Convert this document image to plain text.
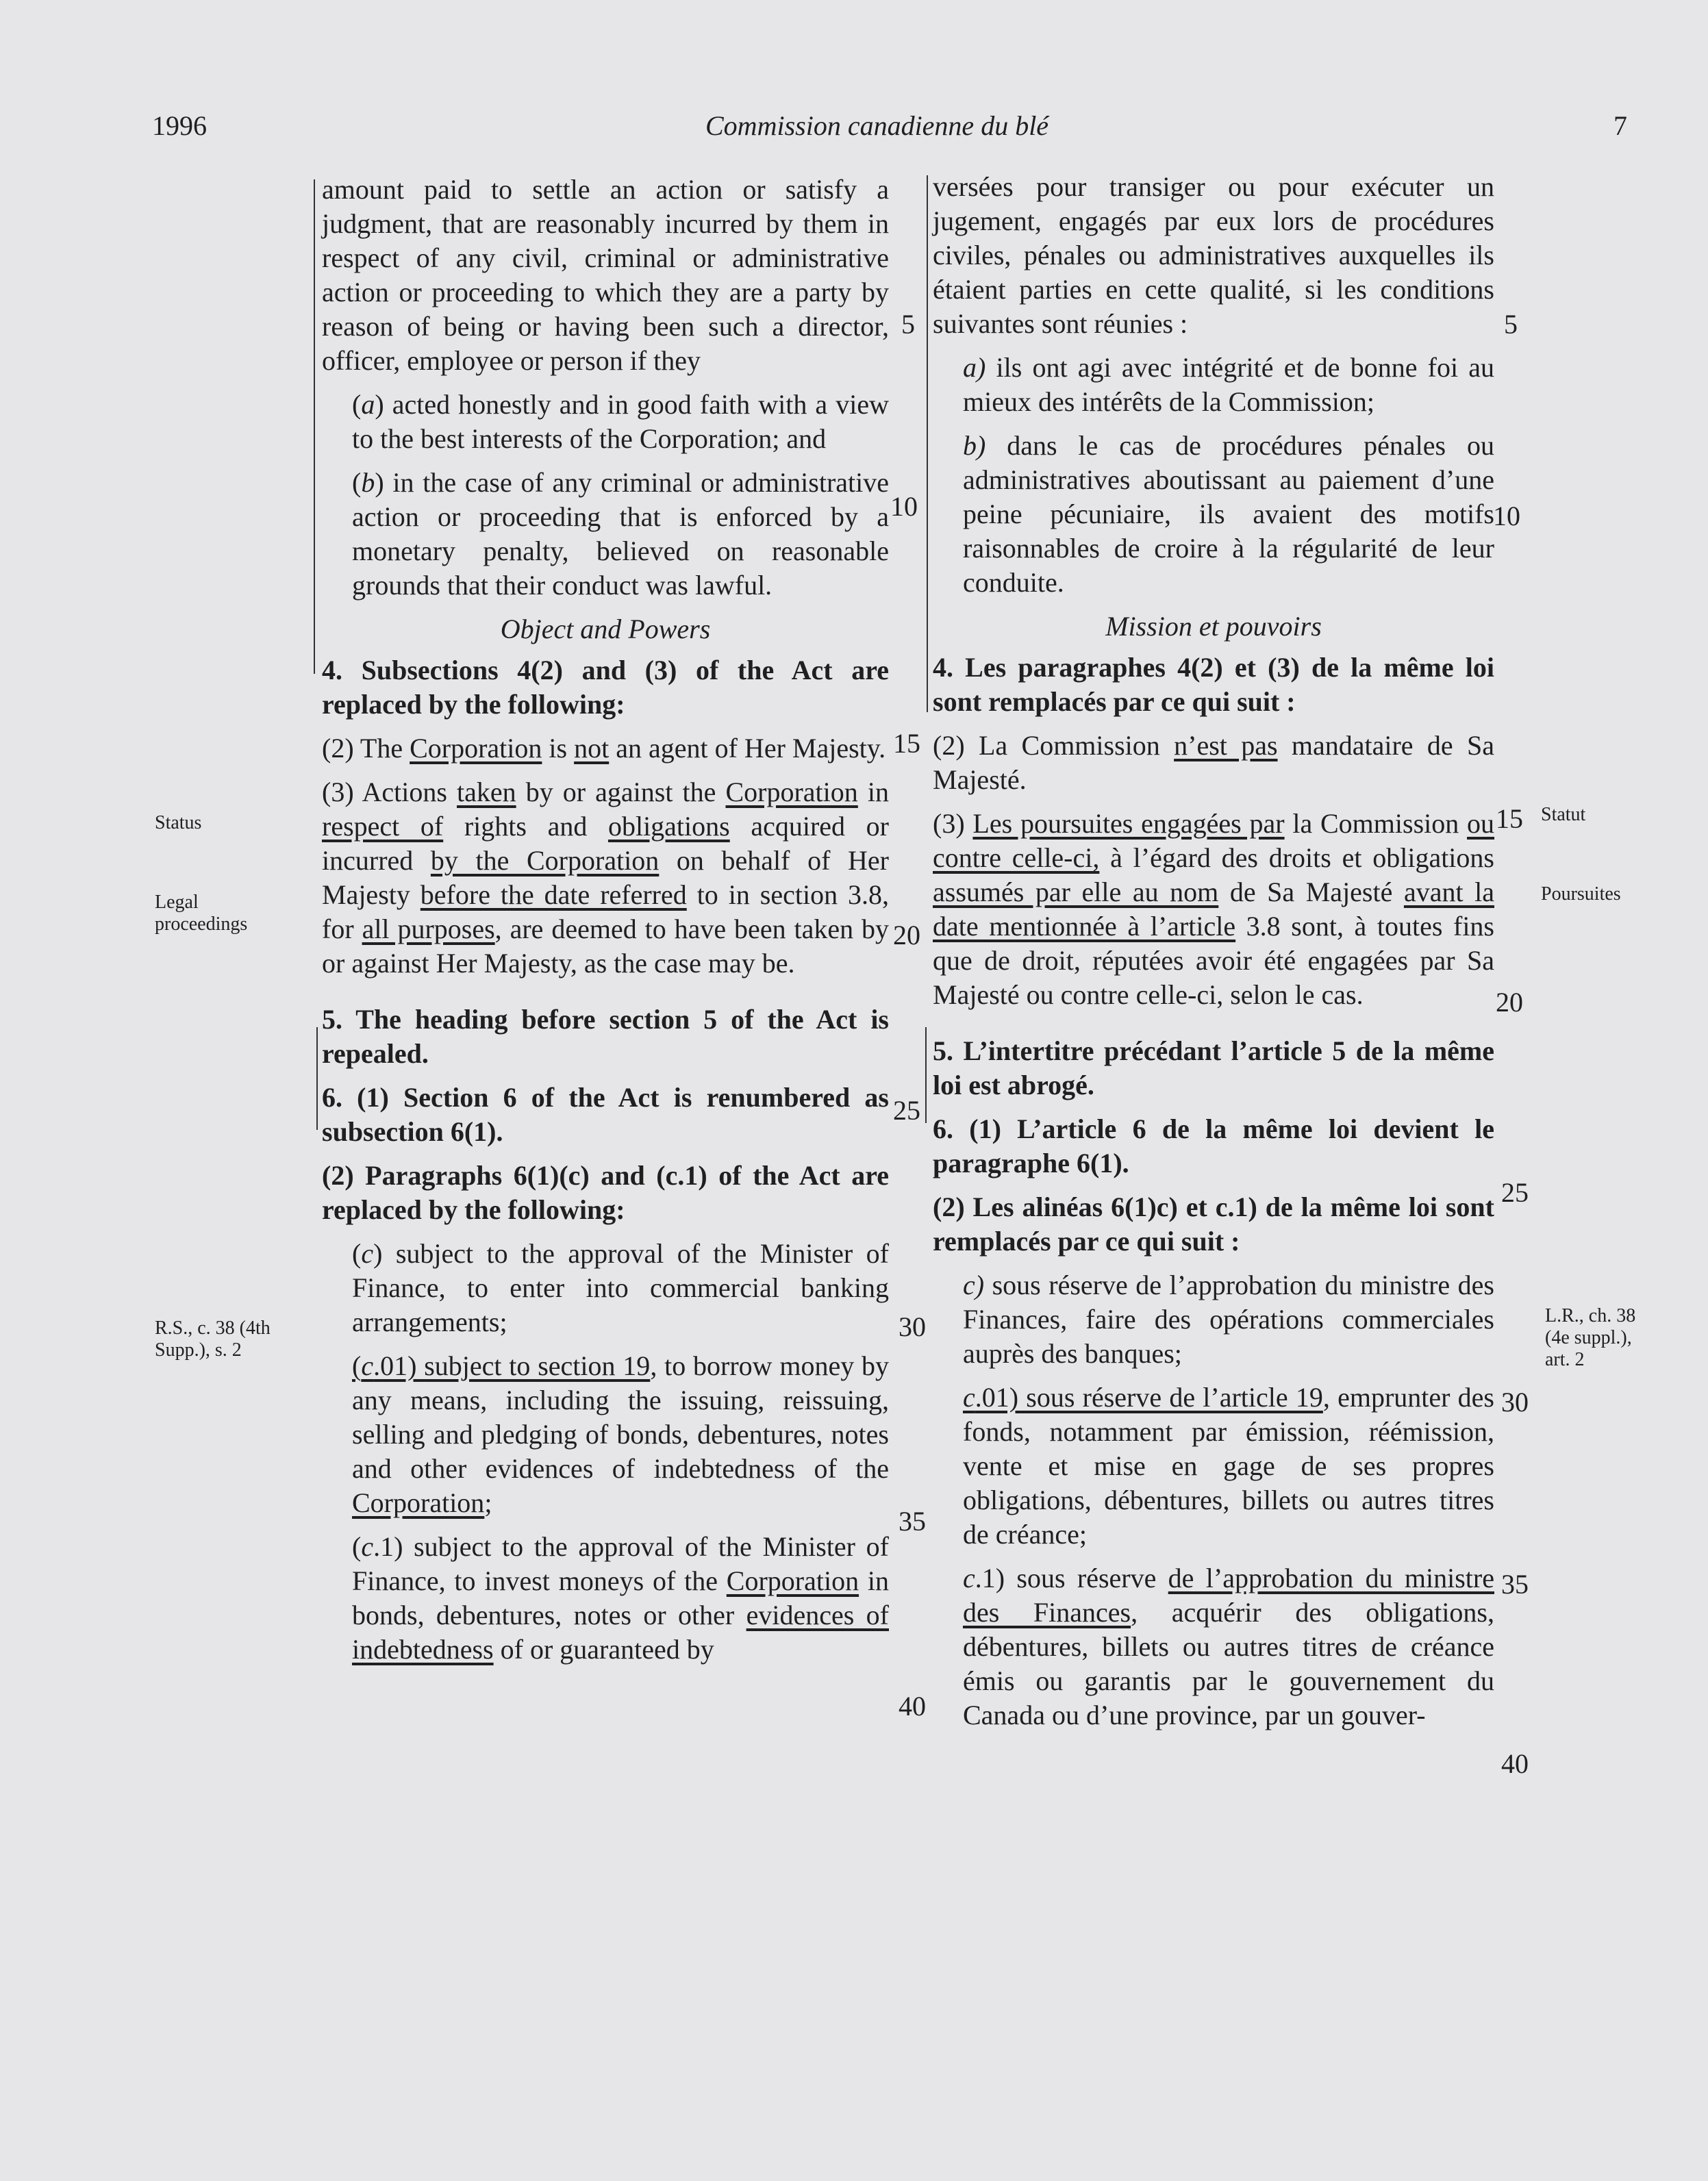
1996	Commission canadienne du blé	7

amount paid to settle an action or satisfy a judgment, that are reasonably incurred by them in respect of any civil, criminal or administrative action or proceeding to which they are a party by reason of being or having been such a director, officer, employee or person if they

(a) acted honestly and in good faith with a view to the best interests of the Corporation; and

(b) in the case of any criminal or administrative action or proceeding that is enforced by a monetary penalty, believed on reasonable grounds that their conduct was lawful.

Object and Powers

4. Subsections 4(2) and (3) of the Act are replaced by the following:

(2) The Corporation is not an agent of Her Majesty.

(3) Actions taken by or against the Corporation in respect of rights and obligations acquired or incurred by the Corporation on behalf of Her Majesty before the date referred to in section 3.8, for all purposes, are deemed to have been taken by or against Her Majesty, as the case may be.

5. The heading before section 5 of the Act is repealed.

6. (1) Section 6 of the Act is renumbered as subsection 6(1).

(2) Paragraphs 6(1)(c) and (c.1) of the Act are replaced by the following:

(c) subject to the approval of the Minister of Finance, to enter into commercial banking arrangements;

(c.01) subject to section 19, to borrow money by any means, including the issuing, reissuing, selling and pledging of bonds, debentures, notes and other evidences of indebtedness of the Corporation;

(c.1) subject to the approval of the Minister of Finance, to invest moneys of the Corporation in bonds, debentures, notes or other evidences of indebtedness of or guaranteed by

versées pour transiger ou pour exécuter un jugement, engagés par eux lors de procédures civiles, pénales ou administratives auxquelles ils étaient parties en cette qualité, si les conditions suivantes sont réunies :

a) ils ont agi avec intégrité et de bonne foi au mieux des intérêts de la Commission;

b) dans le cas de procédures pénales ou administratives aboutissant au paiement d’une peine pécuniaire, ils avaient des motifs raisonnables de croire à la régularité de leur conduite.

Mission et pouvoirs

4. Les paragraphes 4(2) et (3) de la même loi sont remplacés par ce qui suit :

(2) La Commission n’est pas mandataire de Sa Majesté.

(3) Les poursuites engagées par la Commission ou contre celle-ci, à l’égard des droits et obligations assumés par elle au nom de Sa Majesté avant la date mentionnée à l’article 3.8 sont, à toutes fins que de droit, réputées avoir été engagées par Sa Majesté ou contre celle-ci, selon le cas.

5. L’intertitre précédant l’article 5 de la même loi est abrogé.

6. (1) L’article 6 de la même loi devient le paragraphe 6(1).

(2) Les alinéas 6(1)c) et c.1) de la même loi sont remplacés par ce qui suit :

c) sous réserve de l’approbation du ministre des Finances, faire des opérations commerciales auprès des banques;

c.01) sous réserve de l’article 19, emprunter des fonds, notamment par émission, réémission, vente et mise en gage de ses propres obligations, débentures, billets ou autres titres de créance;

c.1) sous réserve de l’approbation du ministre des Finances, acquérir des obligations, débentures, billets ou autres titres de créance émis ou garantis par le gouvernement du Canada ou d’une province, par un gouver-

5
10
15
20
25
30
35
40
5
10
15
20
25
30
35
40
Status
Legal proceedings
R.S., c. 38 (4th Supp.), s. 2
Statut
Poursuites
L.R., ch. 38 (4e suppl.), art. 2
